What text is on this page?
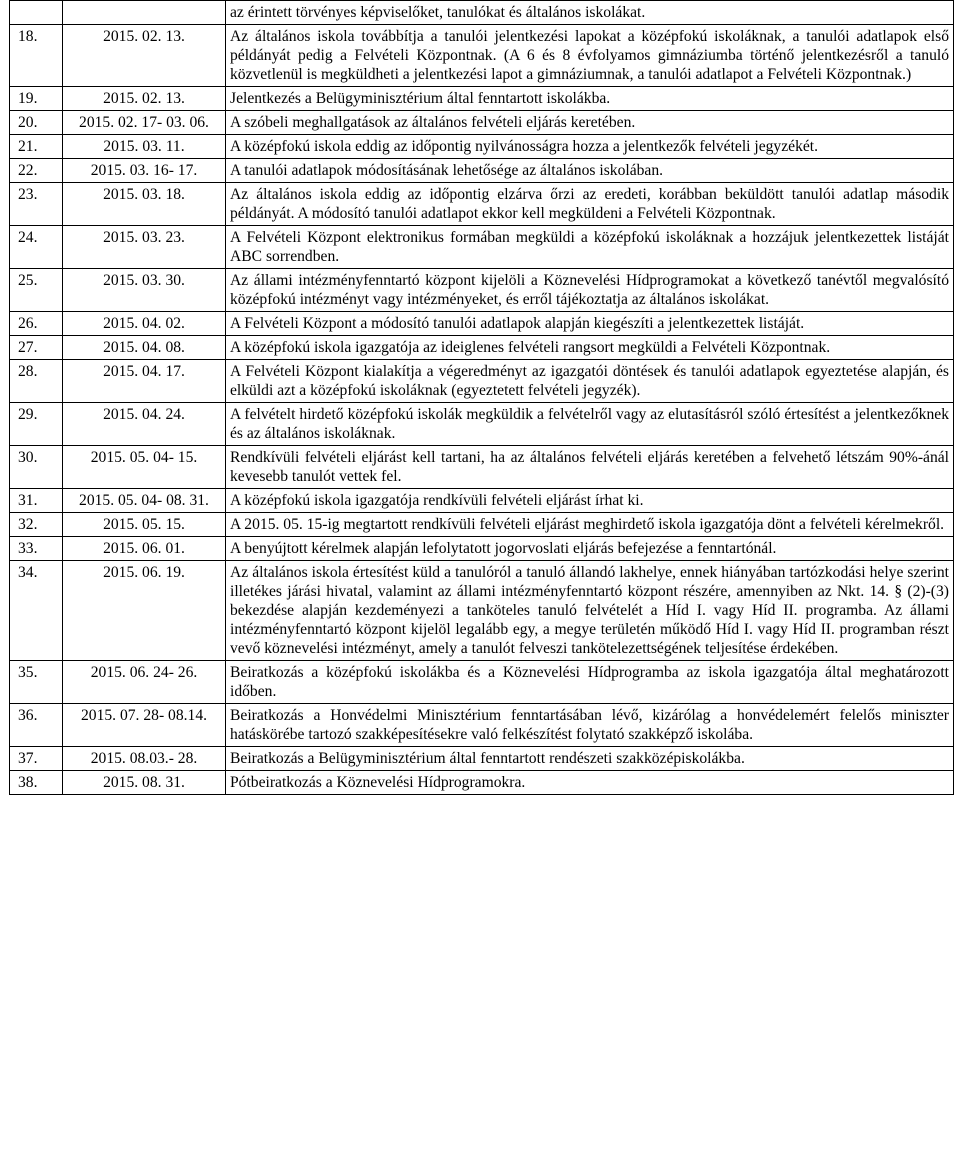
		az érintett törvényes képviselőket, tanulókat és általános iskolákat.
18.	2015. 02. 13.	Az általános iskola továbbítja a tanulói jelentkezési lapokat a középfokú iskoláknak, a tanulói adatlapok első példányát pedig a Felvételi Központnak. (A 6 és 8 évfolyamos gimnáziumba történő jelentkezésről a tanuló közvetlenül is megküldheti a jelentkezési lapot a gimnáziumnak, a tanulói adatlapot a Felvételi Központnak.)
19.	2015. 02. 13.	Jelentkezés a Belügyminisztérium által fenntartott iskolákba.
20.	2015. 02. 17- 03. 06.	A szóbeli meghallgatások az általános felvételi eljárás keretében.
21.	2015. 03. 11.	A középfokú iskola eddig az időpontig nyilvánosságra hozza a jelentkezők felvételi jegyzékét.
22.	2015. 03. 16- 17.	A tanulói adatlapok módosításának lehetősége az általános iskolában.
23.	2015. 03. 18.	Az általános iskola eddig az időpontig elzárva őrzi az eredeti, korábban beküldött tanulói adatlap második példányát. A módosító tanulói adatlapot ekkor kell megküldeni a Felvételi Központnak.
24.	2015. 03. 23.	A Felvételi Központ elektronikus formában megküldi a középfokú iskoláknak a hozzájuk jelentkezettek listáját ABC sorrendben.
25.	2015. 03. 30.	Az állami intézményfenntartó központ kijelöli a Köznevelési Hídprogramokat a következő tanévtől megvalósító középfokú intézményt vagy intézményeket, és erről tájékoztatja az általános iskolákat.
26.	2015. 04. 02.	A Felvételi Központ a módosító tanulói adatlapok alapján kiegészíti a jelentkezettek listáját.
27.	2015. 04. 08.	A középfokú iskola igazgatója az ideiglenes felvételi rangsort megküldi a Felvételi Központnak.
28.	2015. 04. 17.	A Felvételi Központ kialakítja a végeredményt az igazgatói döntések és tanulói adatlapok egyeztetése alapján, és elküldi azt a középfokú iskoláknak (egyeztetett felvételi jegyzék).
29.	2015. 04. 24.	A felvételt hirdető középfokú iskolák megküldik a felvételről vagy az elutasításról szóló értesítést a jelentkezőknek és az általános iskoláknak.
30.	2015. 05. 04- 15.	Rendkívüli felvételi eljárást kell tartani, ha az általános felvételi eljárás keretében a felvehető létszám 90%-ánál kevesebb tanulót vettek fel.
31.	2015. 05. 04- 08. 31.	A középfokú iskola igazgatója rendkívüli felvételi eljárást írhat ki.
32.	2015. 05. 15.	A 2015. 05. 15-ig megtartott rendkívüli felvételi eljárást meghirdető iskola igazgatója dönt a felvételi kérelmekről.
33.	2015. 06. 01.	A benyújtott kérelmek alapján lefolytatott jogorvoslati eljárás befejezése a fenntartónál.
34.	2015. 06. 19.	Az általános iskola értesítést küld a tanulóról a tanuló állandó lakhelye, ennek hiányában tartózkodási helye szerint illetékes járási hivatal, valamint az állami intézményfenntartó központ részére, amennyiben az Nkt. 14. § (2)-(3) bekezdése alapján kezdeményezi a tanköteles tanuló felvételét a Híd I. vagy Híd II. programba. Az állami intézményfenntartó központ kijelöl legalább egy, a megye területén működő Híd I. vagy Híd II. programban részt vevő köznevelési intézményt, amely a tanulót felveszi tankötelezettségének teljesítése érdekében.
35.	2015. 06. 24- 26.	Beiratkozás a középfokú iskolákba és a Köznevelési Hídprogramba az iskola igazgatója által meghatározott időben.
36.	2015. 07. 28- 08.14.	Beiratkozás a Honvédelmi Minisztérium fenntartásában lévő, kizárólag a honvédelemért felelős miniszter hatáskörébe tartozó szakképesítésekre való felkészítést folytató szakképző iskolába.
37.	2015. 08.03.- 28.	Beiratkozás a Belügyminisztérium által fenntartott rendészeti szakközépiskolákba.
38.	2015. 08. 31.	Pótbeiratkozás a Köznevelési Hídprogramokra.
